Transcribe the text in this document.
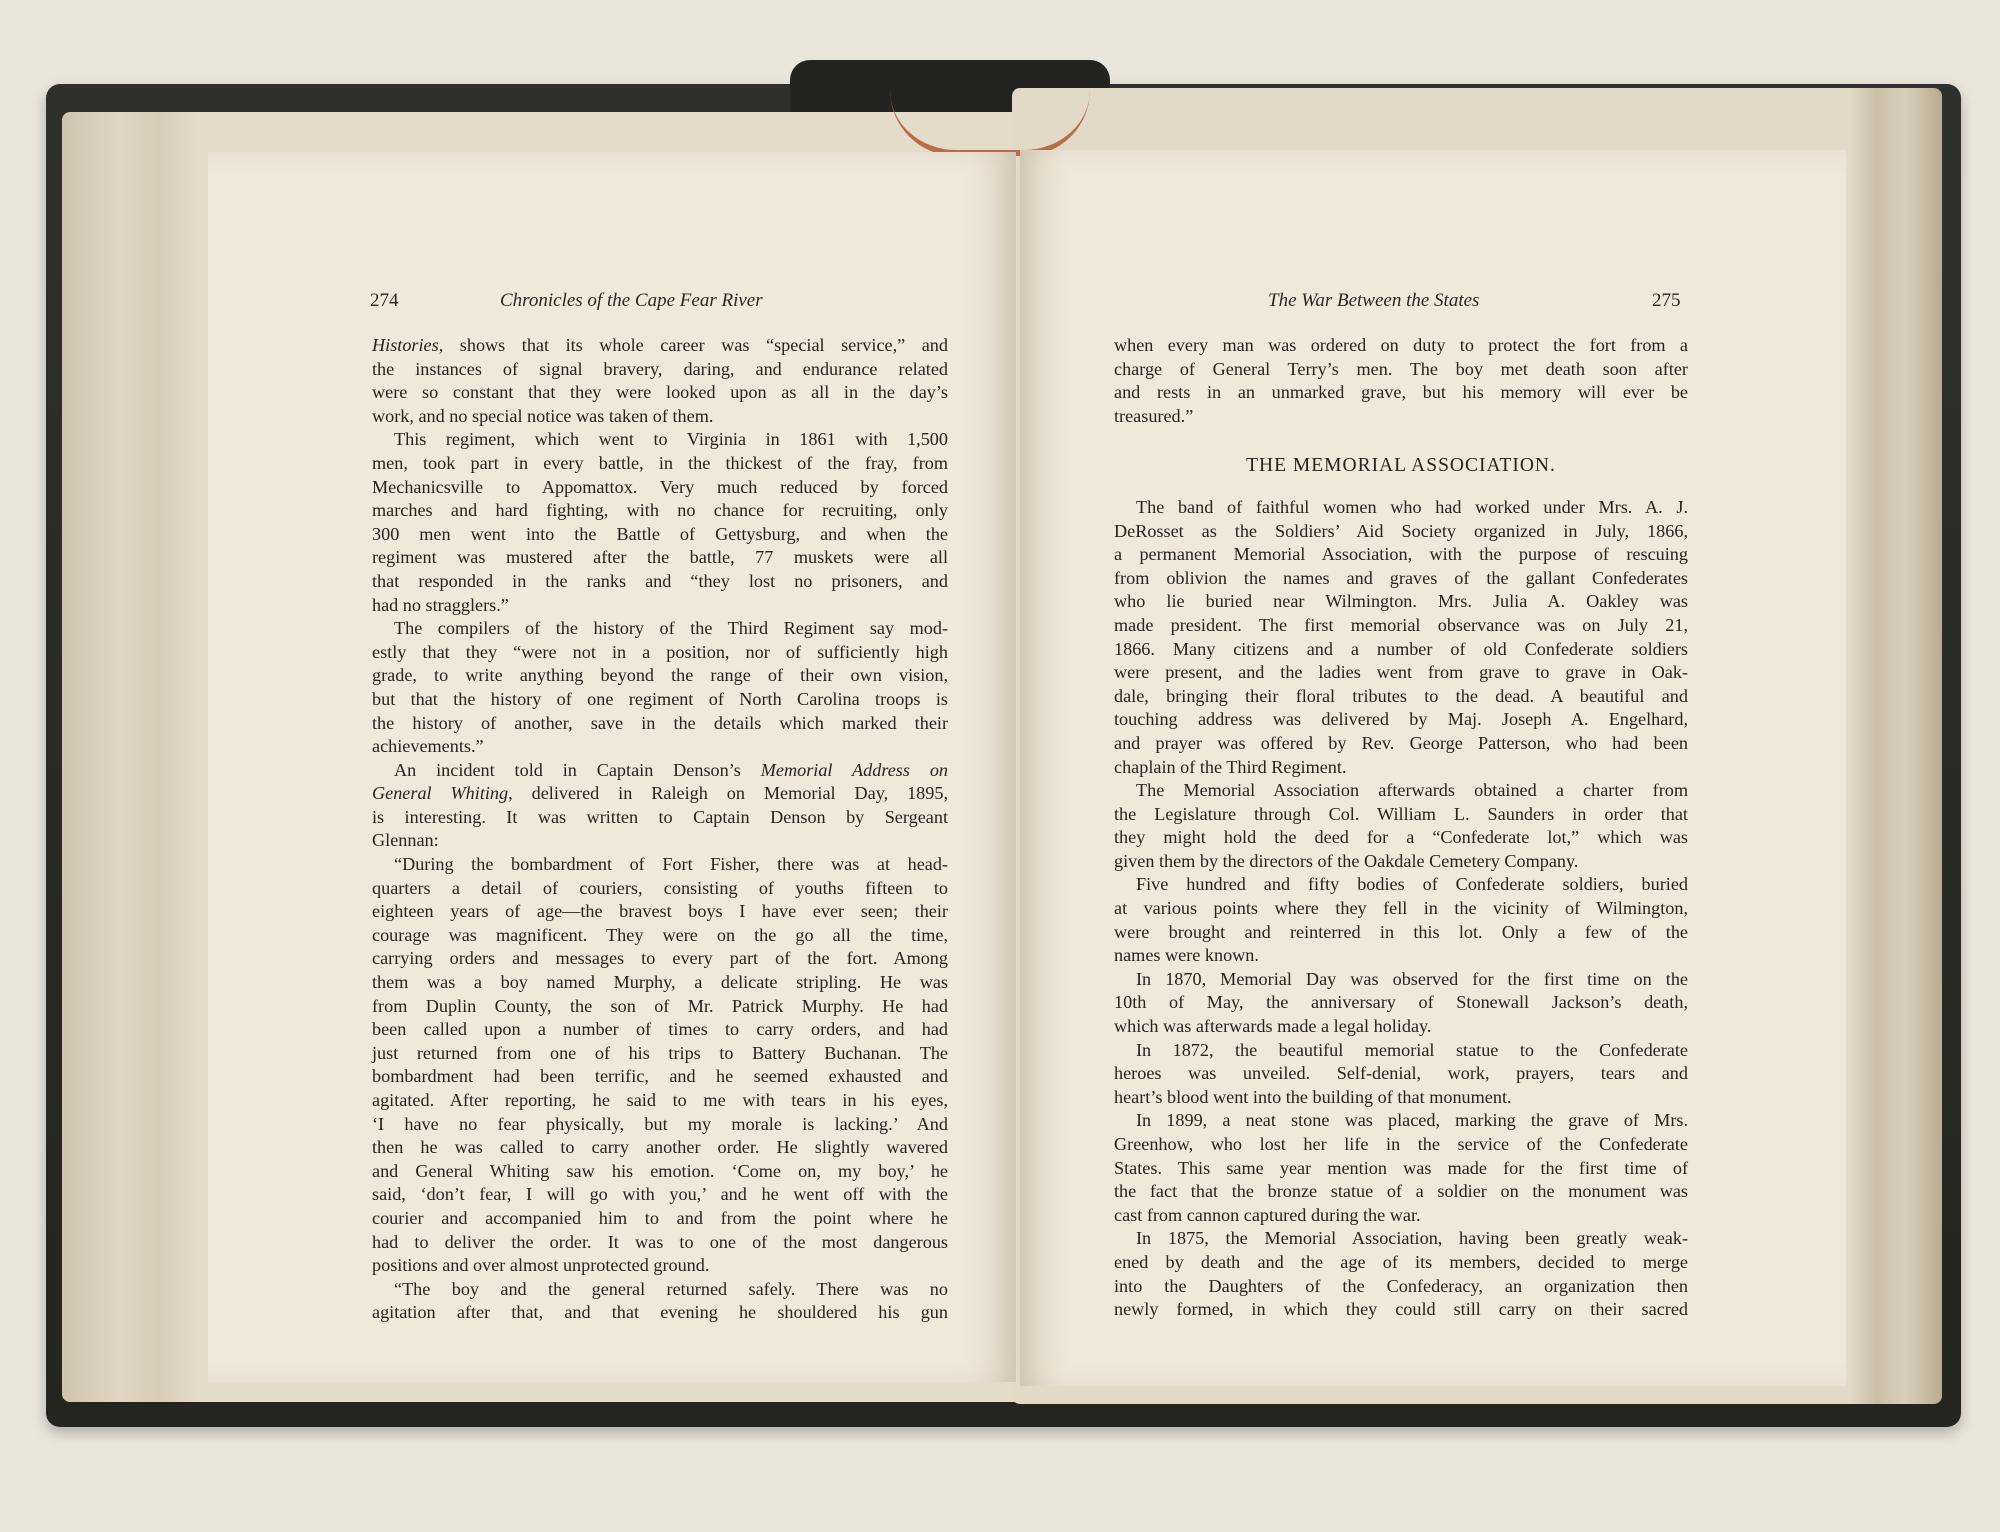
274	Chronicles of the Cape Fear River	The War Between the States	275
Histories, shows that its whole career was “special service,” and
the instances of signal bravery, daring, and endurance related
were so constant that they were looked upon as all in the day’s
work, and no special notice was taken of them.
This regiment, which went to Virginia in 1861 with 1,500
men, took part in every battle, in the thickest of the fray, from
Mechanicsville to Appomattox. Very much reduced by forced
marches and hard fighting, with no chance for recruiting, only
300 men went into the Battle of Gettysburg, and when the
regiment was mustered after the battle, 77 muskets were all
that responded in the ranks and “they lost no prisoners, and
had no stragglers.”
The compilers of the history of the Third Regiment say mod-
estly that they “were not in a position, nor of sufficiently high
grade, to write anything beyond the range of their own vision,
but that the history of one regiment of North Carolina troops is
the history of another, save in the details which marked their
achievements.”
An incident told in Captain Denson’s Memorial Address on
General Whiting, delivered in Raleigh on Memorial Day, 1895,
is interesting. It was written to Captain Denson by Sergeant
Glennan:
“During the bombardment of Fort Fisher, there was at head-
quarters a detail of couriers, consisting of youths fifteen to
eighteen years of age—the bravest boys I have ever seen; their
courage was magnificent. They were on the go all the time,
carrying orders and messages to every part of the fort. Among
them was a boy named Murphy, a delicate stripling. He was
from Duplin County, the son of Mr. Patrick Murphy. He had
been called upon a number of times to carry orders, and had
just returned from one of his trips to Battery Buchanan. The
bombardment had been terrific, and he seemed exhausted and
agitated. After reporting, he said to me with tears in his eyes,
‘I have no fear physically, but my morale is lacking.’ And
then he was called to carry another order. He slightly wavered
and General Whiting saw his emotion. ‘Come on, my boy,’ he
said, ‘don’t fear, I will go with you,’ and he went off with the
courier and accompanied him to and from the point where he
had to deliver the order. It was to one of the most dangerous
positions and over almost unprotected ground.
“The boy and the general returned safely. There was no
agitation after that, and that evening he shouldered his gun
when every man was ordered on duty to protect the fort from a
charge of General Terry’s men. The boy met death soon after
and rests in an unmarked grave, but his memory will ever be
treasured.”
THE MEMORIAL ASSOCIATION.
The band of faithful women who had worked under Mrs. A. J.
DeRosset as the Soldiers’ Aid Society organized in July, 1866,
a permanent Memorial Association, with the purpose of rescuing
from oblivion the names and graves of the gallant Confederates
who lie buried near Wilmington. Mrs. Julia A. Oakley was
made president. The first memorial observance was on July 21,
1866. Many citizens and a number of old Confederate soldiers
were present, and the ladies went from grave to grave in Oak-
dale, bringing their floral tributes to the dead. A beautiful and
touching address was delivered by Maj. Joseph A. Engelhard,
and prayer was offered by Rev. George Patterson, who had been
chaplain of the Third Regiment.
The Memorial Association afterwards obtained a charter from
the Legislature through Col. William L. Saunders in order that
they might hold the deed for a “Confederate lot,” which was
given them by the directors of the Oakdale Cemetery Company.
Five hundred and fifty bodies of Confederate soldiers, buried
at various points where they fell in the vicinity of Wilmington,
were brought and reinterred in this lot. Only a few of the
names were known.
In 1870, Memorial Day was observed for the first time on the
10th of May, the anniversary of Stonewall Jackson’s death,
which was afterwards made a legal holiday.
In 1872, the beautiful memorial statue to the Confederate
heroes was unveiled. Self-denial, work, prayers, tears and
heart’s blood went into the building of that monument.
In 1899, a neat stone was placed, marking the grave of Mrs.
Greenhow, who lost her life in the service of the Confederate
States. This same year mention was made for the first time of
the fact that the bronze statue of a soldier on the monument was
cast from cannon captured during the war.
In 1875, the Memorial Association, having been greatly weak-
ened by death and the age of its members, decided to merge
into the Daughters of the Confederacy, an organization then
newly formed, in which they could still carry on their sacred
